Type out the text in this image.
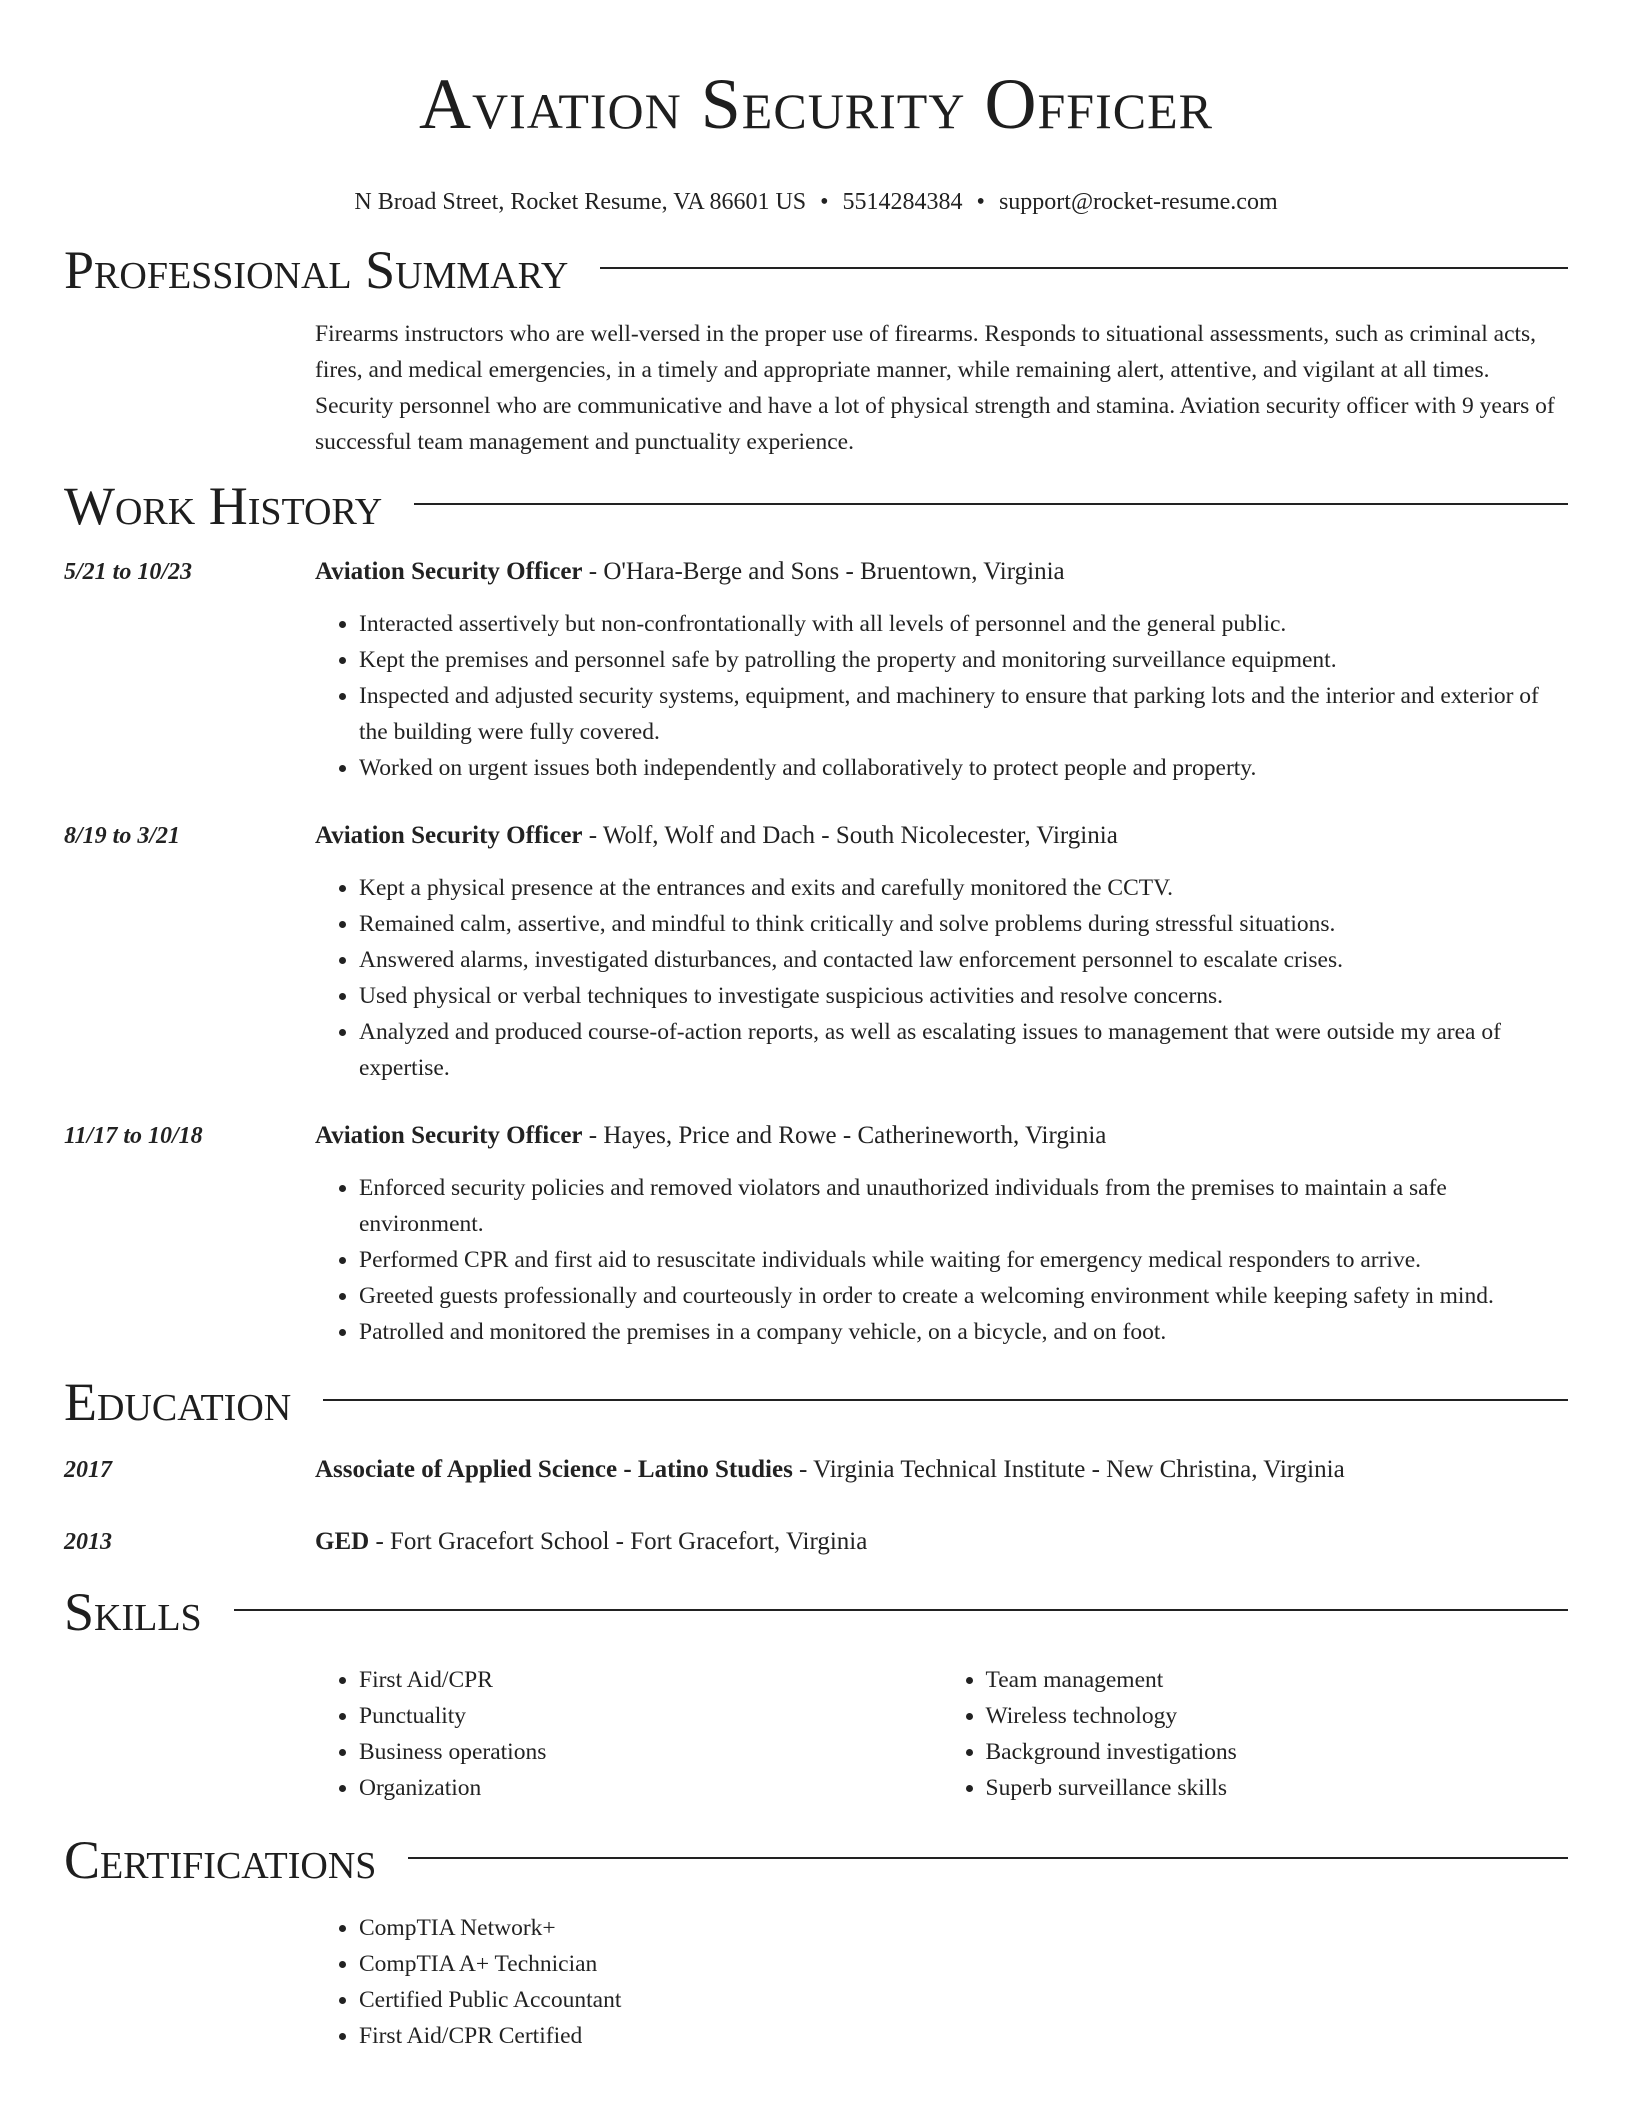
Aviation Security Officer
N Broad Street, Rocket Resume, VA 86601 US • 5514284384 • support@rocket-resume.com
Professional Summary
Firearms instructors who are well-versed in the proper use of firearms. Responds to situational assessments, such as criminal acts, fires, and medical emergencies, in a timely and appropriate manner, while remaining alert, attentive, and vigilant at all times. Security personnel who are communicative and have a lot of physical strength and stamina. Aviation security officer with 9 years of successful team management and punctuality experience.
Work History
5/21 to 10/23	Aviation Security Officer - O'Hara-Berge and Sons - Bruentown, Virginia
• Interacted assertively but non-confrontationally with all levels of personnel and the general public.
• Kept the premises and personnel safe by patrolling the property and monitoring surveillance equipment.
• Inspected and adjusted security systems, equipment, and machinery to ensure that parking lots and the interior and exterior of the building were fully covered.
• Worked on urgent issues both independently and collaboratively to protect people and property.
8/19 to 3/21	Aviation Security Officer - Wolf, Wolf and Dach - South Nicolecester, Virginia
• Kept a physical presence at the entrances and exits and carefully monitored the CCTV.
• Remained calm, assertive, and mindful to think critically and solve problems during stressful situations.
• Answered alarms, investigated disturbances, and contacted law enforcement personnel to escalate crises.
• Used physical or verbal techniques to investigate suspicious activities and resolve concerns.
• Analyzed and produced course-of-action reports, as well as escalating issues to management that were outside my area of expertise.
11/17 to 10/18	Aviation Security Officer - Hayes, Price and Rowe - Catherineworth, Virginia
• Enforced security policies and removed violators and unauthorized individuals from the premises to maintain a safe environment.
• Performed CPR and first aid to resuscitate individuals while waiting for emergency medical responders to arrive.
• Greeted guests professionally and courteously in order to create a welcoming environment while keeping safety in mind.
• Patrolled and monitored the premises in a company vehicle, on a bicycle, and on foot.
Education
2017	Associate of Applied Science - Latino Studies - Virginia Technical Institute - New Christina, Virginia
2013	GED - Fort Gracefort School - Fort Gracefort, Virginia
Skills
• First Aid/CPR
• Punctuality
• Business operations
• Organization
• Team management
• Wireless technology
• Background investigations
• Superb surveillance skills
Certifications
• CompTIA Network+
• CompTIA A+ Technician
• Certified Public Accountant
• First Aid/CPR Certified
